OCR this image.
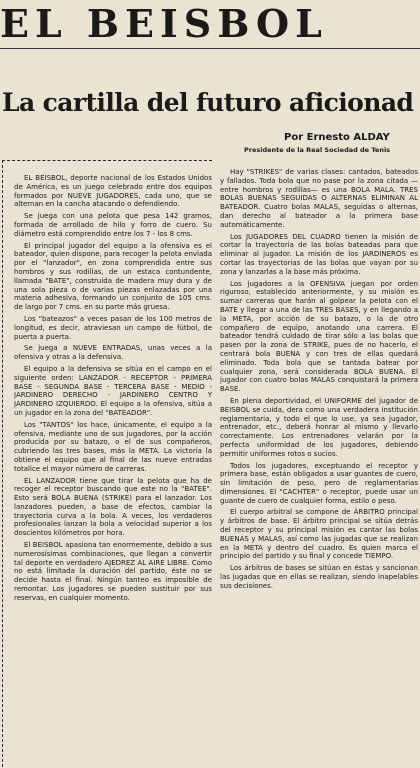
EL BEISBOL
La cartilla del futuro aficionad
Por Ernesto ALDAY
Presidente de la Real Sociedad de Tenis

EL BEISBOL, deporte nacional de los Estados Unidos de América, es un juego celebrado entre dos equipos formados por NUEVE JUGADORES, cada uno, que se alternan en la cancha atacando o defendiendo.

Se juega con una pelota que pesa 142 gramos, formada de arrollado de hilo y forro de cuero. Su diámetro está comprendido entre los 7 - los 8 cms.

El principal jugador del equipo a la ofensiva es el bateador, quien dispone, para recoger la pelota enviada por el "lanzador", en zona comprendida entre sus hombros y sus rodillas, de un estaca contundente, llamada "BATE", construida de madera muy dura y de una sola pieza o de varias piezas enlazadas por una materia adhesiva, formando un conjunto de 105 cms. de largo por 7 cms. en su parte más gruesa.

Los "bateazos" a veces pasan de los 100 metros de longitud, es decir, atraviesan un campo de fútbol, de puerta a puerta.

Se juega a NUEVE ENTRADAS, unas veces a la ofensiva y otras a la defensiva.

El equipo a la defensiva se sitúa en el campo en el siguiente orden: LANZADOR - RECEPTOR - PRIMERA BASE - SEGUNDA BASE - TERCERA BASE - MEDIO - JARDINERO DERECHO - JARDINERO CENTRO Y JARDINERO IZQUIERDO. El equipo a la ofensiva, sitúa a un jugador en la zona del "BATEADOR".

Los "TANTOS" los hace, únicamente, el equipo a la ofensiva, mediante uno de sus jugadores, por la acción producida por su batazo, o el de sus compañeros, cubriendo las tres bases, más la META. La victoria la obtiene el equipo que al final de las nueve entradas totalice el mayor número de carreras.

EL LANZADOR tiene que tirar la pelota que ha de recoger el receptor buscando que este no la "BATEE". Esto será BOLA BUENA (STRIKE) para el lanzador. Los lanzadores pueden, a base de efectos, cambiar la trayectoria curva a la bola. A veces, los verdaderos profesionales lanzan la bola a velocidad superior a los doscientos kilómetros por hora.

El BEISBOL apasiona tan enormemente, debido a sus numerosísimas combinaciones, que llegan a convertir tal deporte en verdadero AJEDREZ AL AIRE LIBRE. Como no está limitada la duración del partido, éste no se decide hasta el final. Ningún tanteo es imposible de remontar. Los jugadores se pueden sustituir por sus reservas, en cualquier momento.

Hay "STRIKES" de varias clases: cantados, bateados y fallados. Toda bola que no pase por la zona citada —entre hombros y rodillas— es una BOLA MALA. TRES BOLAS BUENAS SEGUIDAS O ALTERNAS ELIMINAN AL BATEADOR. Cuatro bolas MALAS, seguidas o alternas, dan derecho al bateador a la primera base automáticamente.

Los JUGADORES DEL CUADRO tienen la misión de cortar la trayectoria de las bolas bateadas para que eliminar al jugador. La misión de los JARDINEROS es cortar las trayectorias de las bolas que vayan por su zona y lanzarlas a la base más próxima.

Los jugadores a la OFENSIVA juegan por orden riguroso, establecido anteriormente, y su misión es sumar carreras que harán al golpear la pelota con el BATE y llegar a una de las TRES BASES, y en llegando a la META, por acción de su batazo, o la de otro compañero de equipo, anotando una carrera. El bateador tendrá cuidado de tirar sólo a las bolas que pasen por la zona de STRIKE, pues de no hacerlo, el centrará bola BUENA y con tres de ellas quedará eliminado. Toda bola que se tantada batear por cualquier zona, será considerada BOLA BUENA. El jugador con cuatro bolas MALAS conquistará la primera BASE.

En plena deportividad, el UNIFORME del jugador de BEISBOL se cuida, dera como una verdadera institución reglamentaria, y todo el que lo use, ya sea jugador, entrenador, etc., deberá honrar al mismo y llevarlo correctamente. Los entrenadores velarán por la perfecta uniformidad de los jugadores, debiendo permitir uniformes rotos o sucios.

Todos los jugadores, exceptuando el receptor y primera base, están obligados a usar guantes de cuero, sin limitación de peso, pero de reglamentarias dimensiones. El "CACHTER" o receptor, puede usar un guante de cuero de cualquier forma, estilo o peso.

El cuerpo arbitral se compone de ÁRBITRO principal y árbitros de base. El árbitro principal se sitúa detrás del receptor y su principal misión es cantar las bolas BUENAS y MALAS, así como las jugadas que se realizan en la META y dentro del cuadro. Es quien marca el principio del partido y su final y concede TIEMPO.

Los árbitros de bases se sitúan en éstas y sancionan las jugadas que en ellas se realizan, siendo inapelables sus decisiones.
